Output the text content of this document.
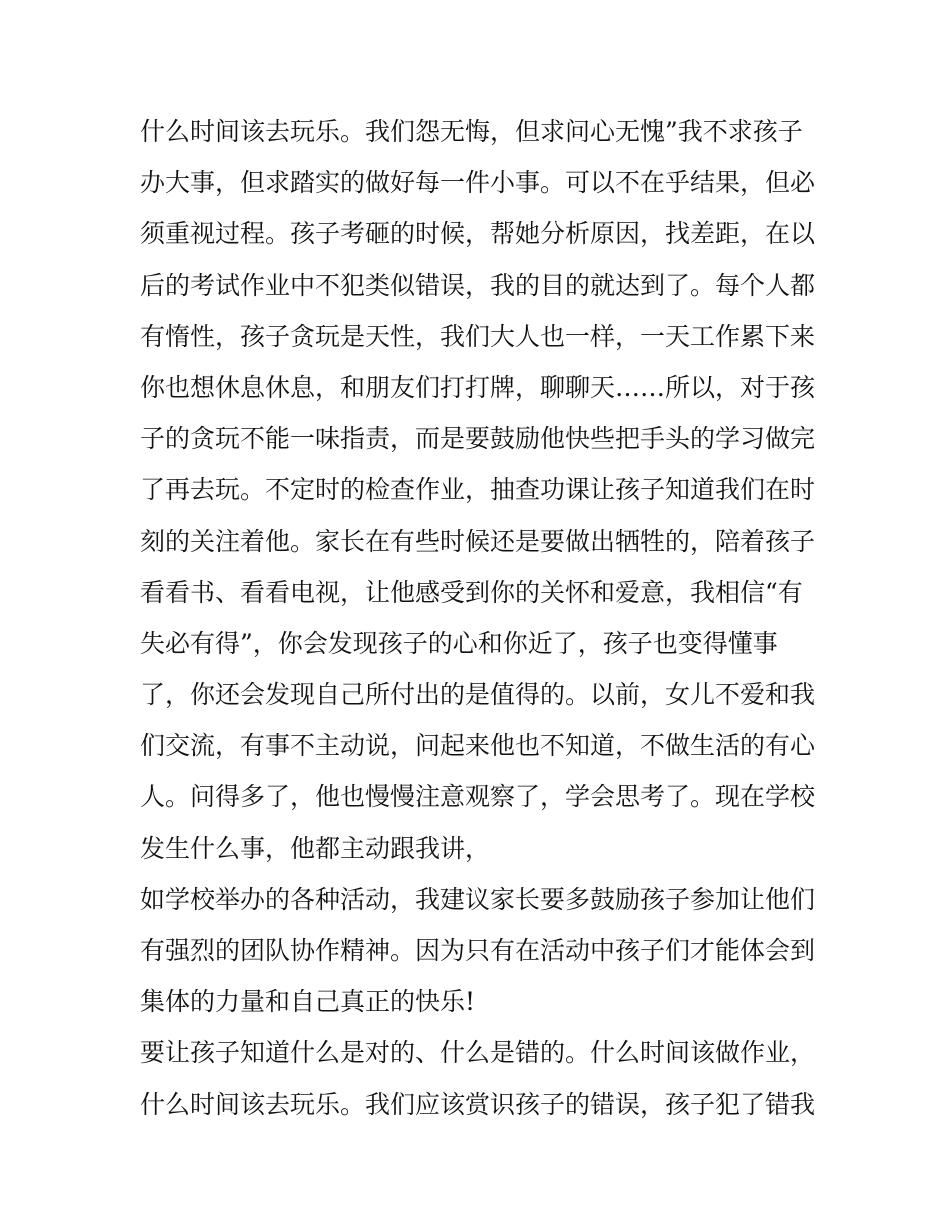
什么时间该去玩乐。我们怨无悔，但求问心无愧”我不求孩子
办大事，但求踏实的做好每一件小事。可以不在乎结果，但必
须重视过程。孩子考砸的时候，帮她分析原因，找差距，在以
后的考试作业中不犯类似错误，我的目的就达到了。每个人都
有惰性，孩子贪玩是天性，我们大人也一样，一天工作累下来
你也想休息休息，和朋友们打打牌，聊聊天……所以，对于孩
子的贪玩不能一味指责，而是要鼓励他快些把手头的学习做完
了再去玩。不定时的检查作业，抽查功课让孩子知道我们在时
刻的关注着他。家长在有些时候还是要做出牺牲的，陪着孩子
看看书、看看电视，让他感受到你的关怀和爱意，我相信“有
失必有得”，你会发现孩子的心和你近了，孩子也变得懂事
了，你还会发现自己所付出的是值得的。以前，女儿不爱和我
们交流，有事不主动说，问起来他也不知道，不做生活的有心
人。问得多了，他也慢慢注意观察了，学会思考了。现在学校
发生什么事，他都主动跟我讲，
如学校举办的各种活动，我建议家长要多鼓励孩子参加让他们
有强烈的团队协作精神。因为只有在活动中孩子们才能体会到
集体的力量和自己真正的快乐!
要让孩子知道什么是对的、什么是错的。什么时间该做作业，
什么时间该去玩乐。我们应该赏识孩子的错误，孩子犯了错我
